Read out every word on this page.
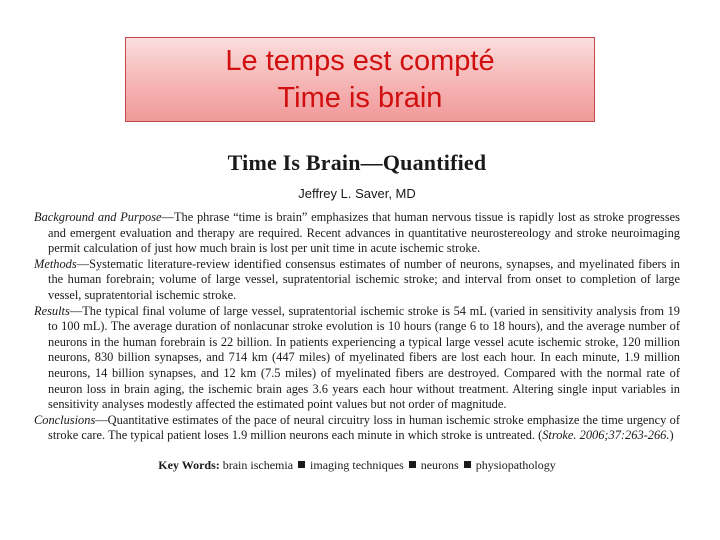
Le temps est compté
Time is brain
Time Is Brain—Quantified
Jeffrey L. Saver, MD

Background and Purpose—The phrase “time is brain” emphasizes that human nervous tissue is rapidly lost as stroke progresses and emergent evaluation and therapy are required. Recent advances in quantitative neurostereology and stroke neuroimaging permit calculation of just how much brain is lost per unit time in acute ischemic stroke.

Methods—Systematic literature-review identified consensus estimates of number of neurons, synapses, and myelinated fibers in the human forebrain; volume of large vessel, supratentorial ischemic stroke; and interval from onset to completion of large vessel, supratentorial ischemic stroke.

Results—The typical final volume of large vessel, supratentorial ischemic stroke is 54 mL (varied in sensitivity analysis from 19 to 100 mL). The average duration of nonlacunar stroke evolution is 10 hours (range 6 to 18 hours), and the average number of neurons in the human forebrain is 22 billion. In patients experiencing a typical large vessel acute ischemic stroke, 120 million neurons, 830 billion synapses, and 714 km (447 miles) of myelinated fibers are lost each hour. In each minute, 1.9 million neurons, 14 billion synapses, and 12 km (7.5 miles) of myelinated fibers are destroyed. Compared with the normal rate of neuron loss in brain aging, the ischemic brain ages 3.6 years each hour without treatment. Altering single input variables in sensitivity analyses modestly affected the estimated point values but not order of magnitude.

Conclusions—Quantitative estimates of the pace of neural circuitry loss in human ischemic stroke emphasize the time urgency of stroke care. The typical patient loses 1.9 million neurons each minute in which stroke is untreated. (Stroke. 2006;37:263-266.)

Key Words: brain ischemia imaging techniques neurons physiopathology
